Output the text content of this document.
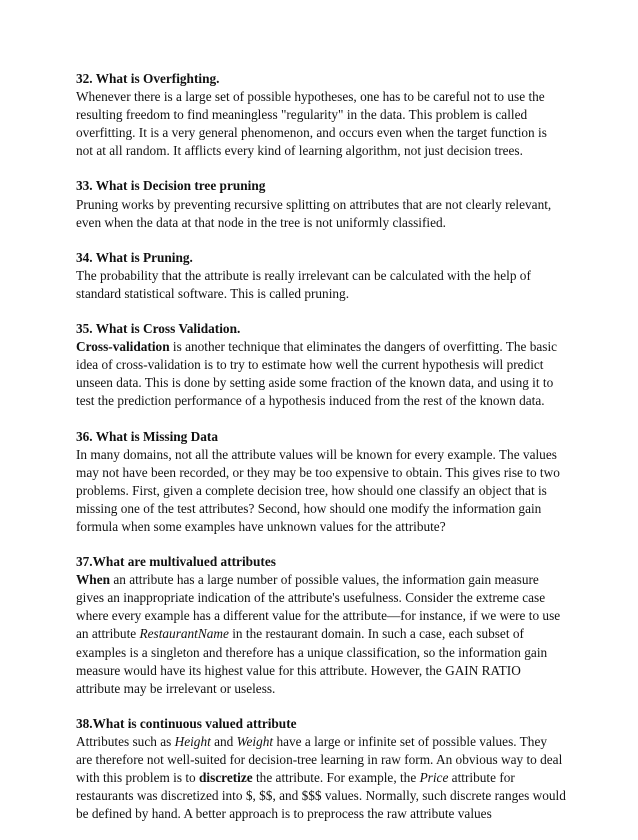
32. What is Overfighting.
Whenever there is a large set of possible hypotheses, one has to be careful not to use the resulting freedom to find meaningless "regularity" in the data. This problem is called overfitting. It is a very general phenomenon, and occurs even when the target function is not at all random. It afflicts every kind of learning algorithm, not just decision trees.
33. What is Decision tree pruning
Pruning works by preventing recursive splitting on attributes that are not clearly relevant, even when the data at that node in the tree is not uniformly classified.
34. What is Pruning.
The probability that the attribute is really irrelevant can be calculated with the help of standard statistical software. This is called pruning.
35. What is Cross Validation.
Cross-validation is another technique that eliminates the dangers of overfitting. The basic idea of cross-validation is to try to estimate how well the current hypothesis will predict unseen data. This is done by setting aside some fraction of the known data, and using it to test the prediction performance of a hypothesis induced from the rest of the known data.
36. What is Missing Data
In many domains, not all the attribute values will be known for every example. The values may not have been recorded, or they may be too expensive to obtain. This gives rise to two problems. First, given a complete decision tree, how should one classify an object that is missing one of the test attributes? Second, how should one modify the information gain formula when some examples have unknown values for the attribute?
37.What are multivalued attributes
When an attribute has a large number of possible values, the information gain measure gives an inappropriate indication of the attribute's usefulness. Consider the extreme case where every example has a different value for the attribute—for instance, if we were to use an attribute RestaurantName in the restaurant domain. In such a case, each subset of examples is a singleton and therefore has a unique classification, so the information gain measure would have its highest value for this attribute. However, the GAIN RATIO attribute may be irrelevant or useless.
38.What is continuous valued attribute
Attributes such as Height and Weight have a large or infinite set of possible values. They are therefore not well-suited for decision-tree learning in raw form. An obvious way to deal with this problem is to discretize the attribute. For example, the Price attribute for restaurants was discretized into $, $$, and $$$ values. Normally, such discrete ranges would be defined by hand. A better approach is to preprocess the raw attribute values
